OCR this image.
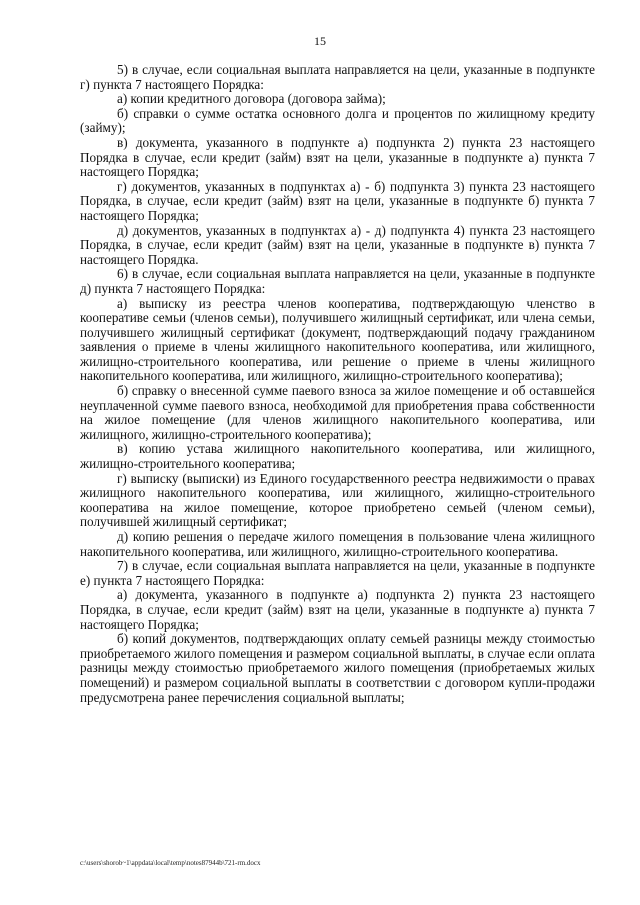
15

5) в случае, если социальная выплата направляется на цели, указанные в подпункте г) пункта 7 настоящего Порядка:

а) копии кредитного договора (договора займа);

б) справки о сумме остатка основного долга и процентов по жилищному кредиту (займу);

в) документа, указанного в подпункте а) подпункта 2) пункта 23 настоящего Порядка в случае, если кредит (займ) взят на цели, указанные в подпункте а) пункта 7 настоящего Порядка;

г) документов, указанных в подпунктах а) - б) подпункта 3) пункта 23 настоящего Порядка, в случае, если кредит (займ) взят на цели, указанные в подпункте б) пункта 7 настоящего Порядка;

д) документов, указанных в подпунктах а) - д) подпункта 4) пункта 23 настоящего Порядка, в случае, если кредит (займ) взят на цели, указанные в подпункте в) пункта 7 настоящего Порядка.

6) в случае, если социальная выплата направляется на цели, указанные в подпункте д) пункта 7 настоящего Порядка:

а) выписку из реестра членов кооператива, подтверждающую членство в кооперативе семьи (членов семьи), получившего жилищный сертификат, или члена семьи, получившего жилищный сертификат (документ, подтверждающий подачу гражданином заявления о приеме в члены жилищного накопительного кооператива, или жилищного, жилищно-строительного кооператива, или решение о приеме в члены жилищного накопительного кооператива, или жилищного, жилищно-строительного кооператива);

б) справку о внесенной сумме паевого взноса за жилое помещение и об оставшейся неуплаченной сумме паевого взноса, необходимой для приобретения права собственности на жилое помещение (для членов жилищного накопительного кооператива, или жилищного, жилищно-строительного кооператива);

в) копию устава жилищного накопительного кооператива, или жилищного, жилищно-строительного кооператива;

г) выписку (выписки) из Единого государственного реестра недвижимости о правах жилищного накопительного кооператива, или жилищного, жилищно-строительного кооператива на жилое помещение, которое приобретено семьей (членом семьи), получившей жилищный сертификат;

д) копию решения о передаче жилого помещения в пользование члена жилищного накопительного кооператива, или жилищного, жилищно-строительного кооператива.

7) в случае, если социальная выплата направляется на цели, указанные в подпункте е) пункта 7 настоящего Порядка:

а) документа, указанного в подпункте а) подпункта 2) пункта 23 настоящего Порядка, в случае, если кредит (займ) взят на цели, указанные в подпункте а) пункта 7 настоящего Порядка;

б) копий документов, подтверждающих оплату семьей разницы между стоимостью приобретаемого жилого помещения и размером социальной выплаты, в случае если оплата разницы между стоимостью приобретаемого жилого помещения (приобретаемых жилых помещений) и размером социальной выплаты в соответствии с договором купли-продажи предусмотрена ранее перечисления социальной выплаты;

c:\users\shorob~1\appdata\local\temp\notes87944b\721-rm.docx
